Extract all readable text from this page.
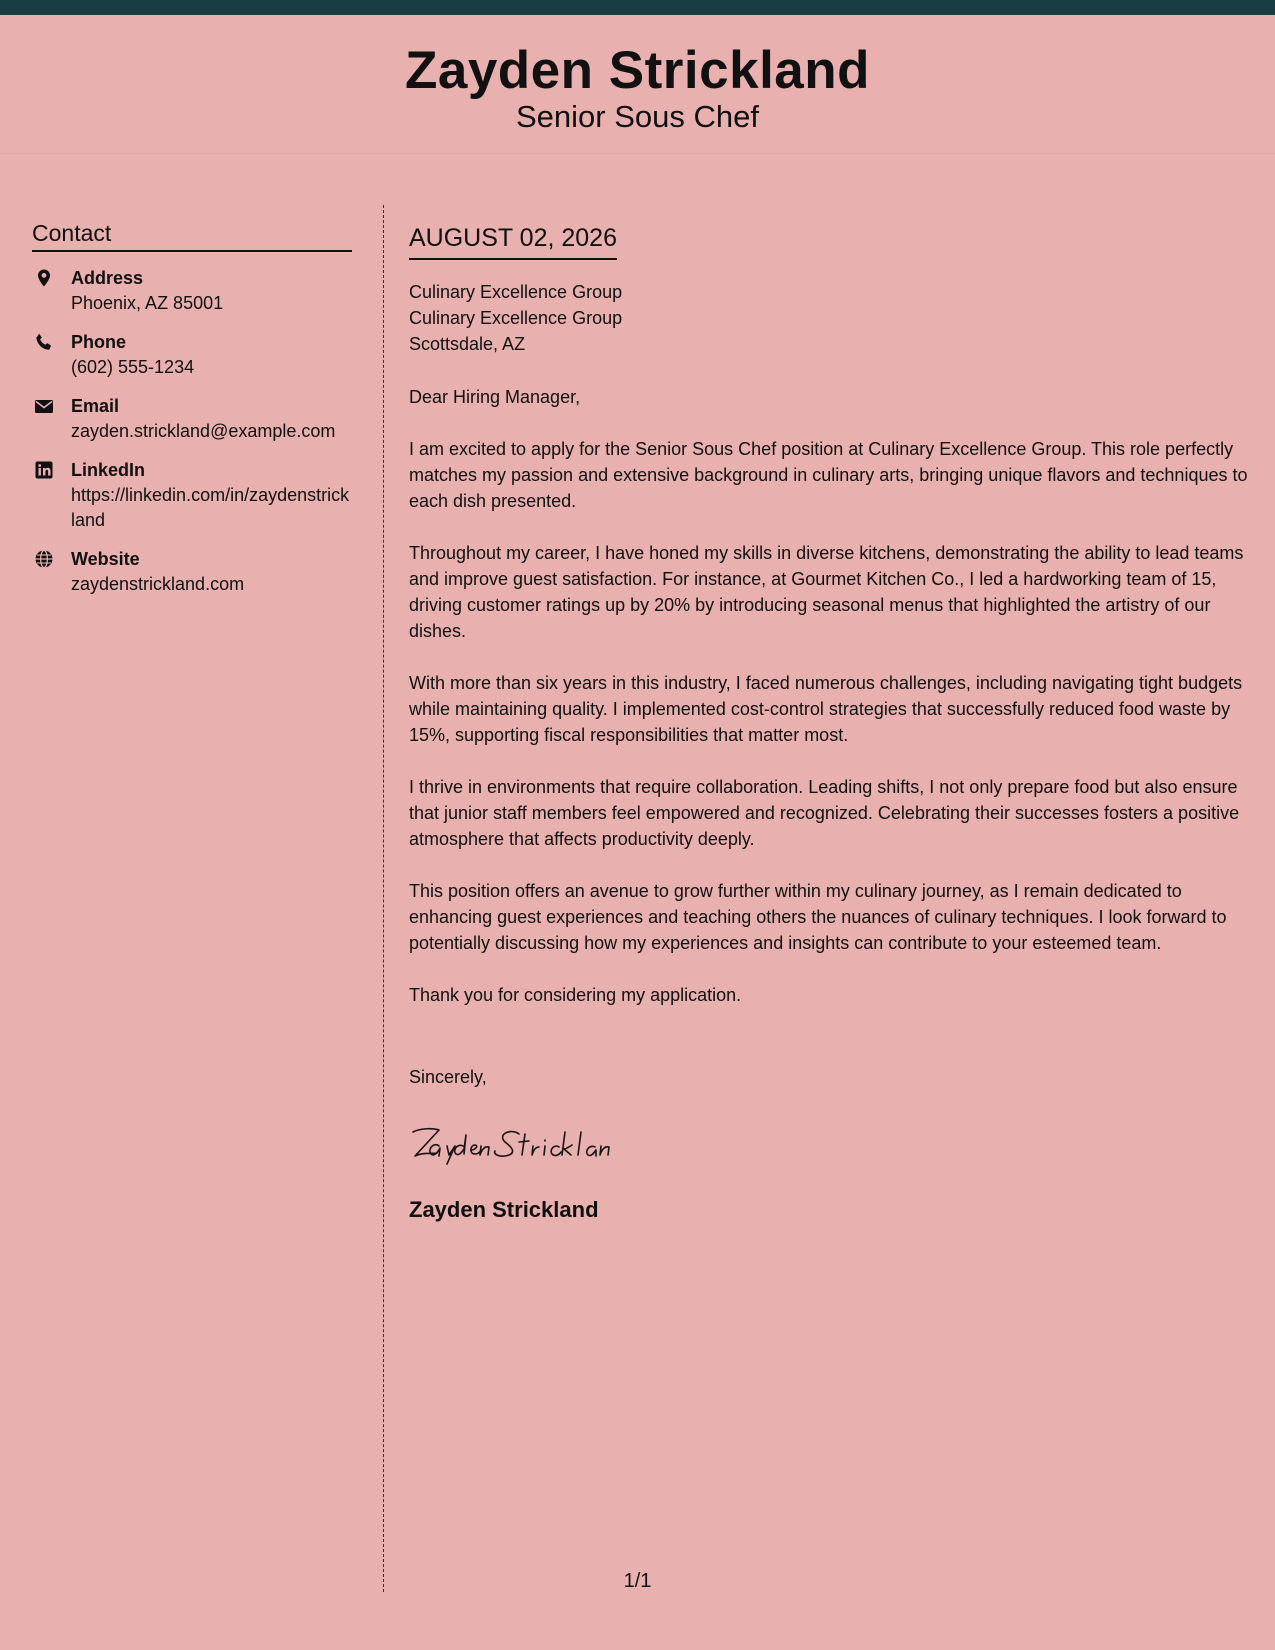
Zayden Strickland
Senior Sous Chef
Contact
Address
Phoenix, AZ 85001
Phone
(602) 555-1234
Email
zayden.strickland@example.com
LinkedIn
https://linkedin.com/in/zaydenstrickland
Website
zaydenstrickland.com
AUGUST 02, 2026
Culinary Excellence Group
Culinary Excellence Group
Scottsdale, AZ
Dear Hiring Manager,
I am excited to apply for the Senior Sous Chef position at Culinary Excellence Group. This role perfectly matches my passion and extensive background in culinary arts, bringing unique flavors and techniques to each dish presented.
Throughout my career, I have honed my skills in diverse kitchens, demonstrating the ability to lead teams and improve guest satisfaction. For instance, at Gourmet Kitchen Co., I led a hardworking team of 15, driving customer ratings up by 20% by introducing seasonal menus that highlighted the artistry of our dishes.
With more than six years in this industry, I faced numerous challenges, including navigating tight budgets while maintaining quality. I implemented cost-control strategies that successfully reduced food waste by 15%, supporting fiscal responsibilities that matter most.
I thrive in environments that require collaboration. Leading shifts, I not only prepare food but also ensure that junior staff members feel empowered and recognized. Celebrating their successes fosters a positive atmosphere that affects productivity deeply.
This position offers an avenue to grow further within my culinary journey, as I remain dedicated to enhancing guest experiences and teaching others the nuances of culinary techniques. I look forward to potentially discussing how my experiences and insights can contribute to your esteemed team.
Thank you for considering my application.
Sincerely,
Zayden Strickland
1/1
